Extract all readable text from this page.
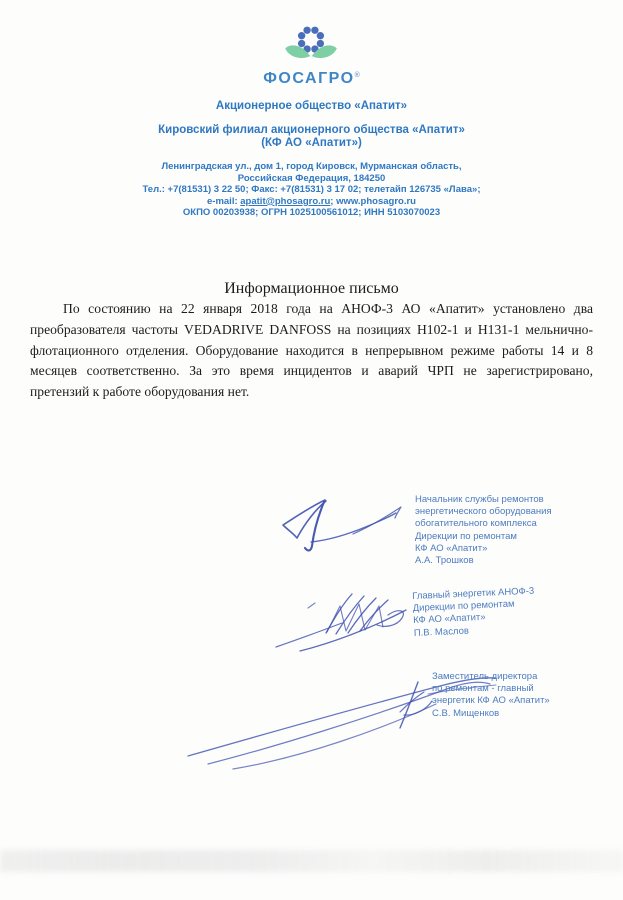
ФОСАГРО®
Акционерное общество «Апатит»
Кировский филиал акционерного общества «Апатит»
(КФ АО «Апатит»)
Ленинградская ул., дом 1, город Кировск, Мурманская область,
Российская Федерация, 184250
Тел.: +7(81531) 3 22 50; Факс: +7(81531) 3 17 02; телетайп 126735 «Лава»;
e-mail: apatit@phosagro.ru; www.phosagro.ru
ОКПО 00203938; ОГРН 1025100561012; ИНН 5103070023
Информационное письмо
По состоянию на 22 января 2018 года на АНОФ-3 АО «Апатит» установлено два преобразователя частоты VEDADRIVE DANFOSS на позициях Н102-1 и Н131-1 мельнично-флотационного отделения. Оборудование находится в непрерывном режиме работы 14 и 8 месяцев соответственно. За это время инцидентов и аварий ЧРП не зарегистрировано, претензий к работе оборудования нет.
Начальник службы ремонтов
энергетического оборудования
обогатительного комплекса
Дирекции по ремонтам
КФ АО «Апатит»
А.А. Трошков
Главный энергетик АНОФ-3
Дирекции по ремонтам
КФ АО «Апатит»
П.В. Маслов
Заместитель директора
по ремонтам - главный
энергетик КФ АО «Апатит»
С.В. Мищенков
